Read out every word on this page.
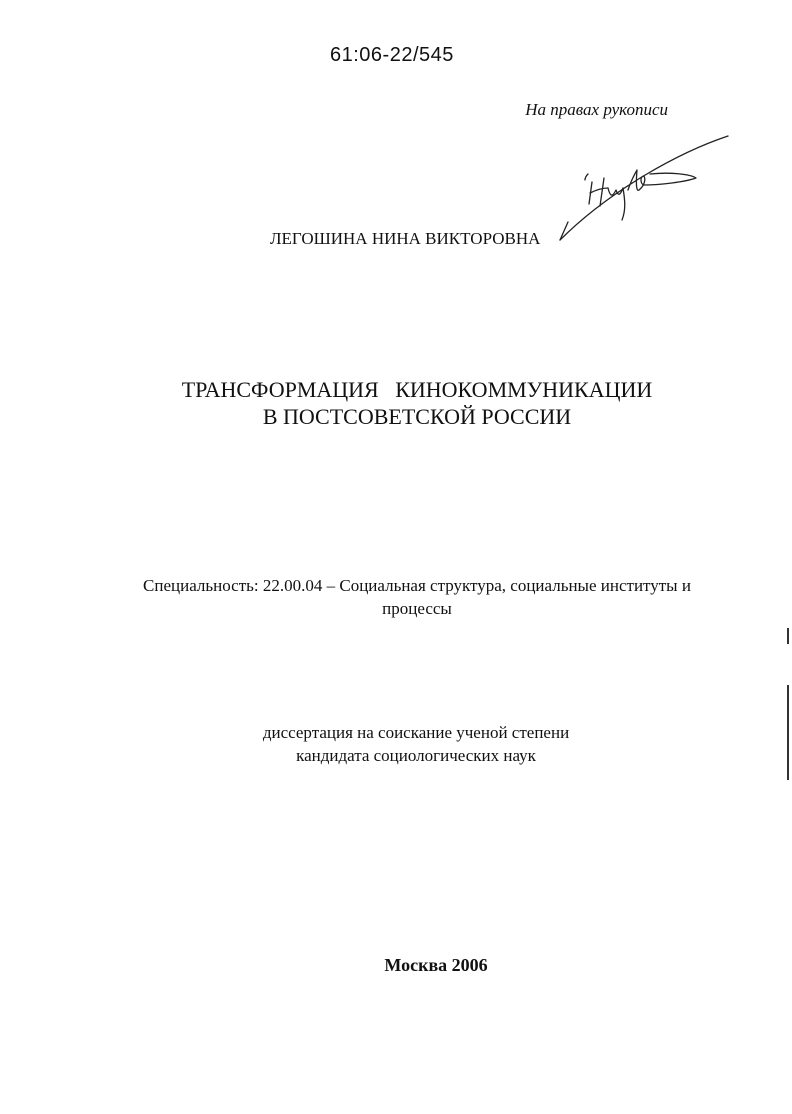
61:06-22/545
На правах рукописи
ЛЕГОШИНА НИНА ВИКТОРОВНА
ТРАНСФОРМАЦИЯ   КИНОКОММУНИКАЦИИ
В ПОСТСОВЕТСКОЙ РОССИИ
Специальность: 22.00.04 – Социальная структура, социальные институты и
процессы
диссертация на соискание ученой степени
кандидата социологических наук
Москва 2006
